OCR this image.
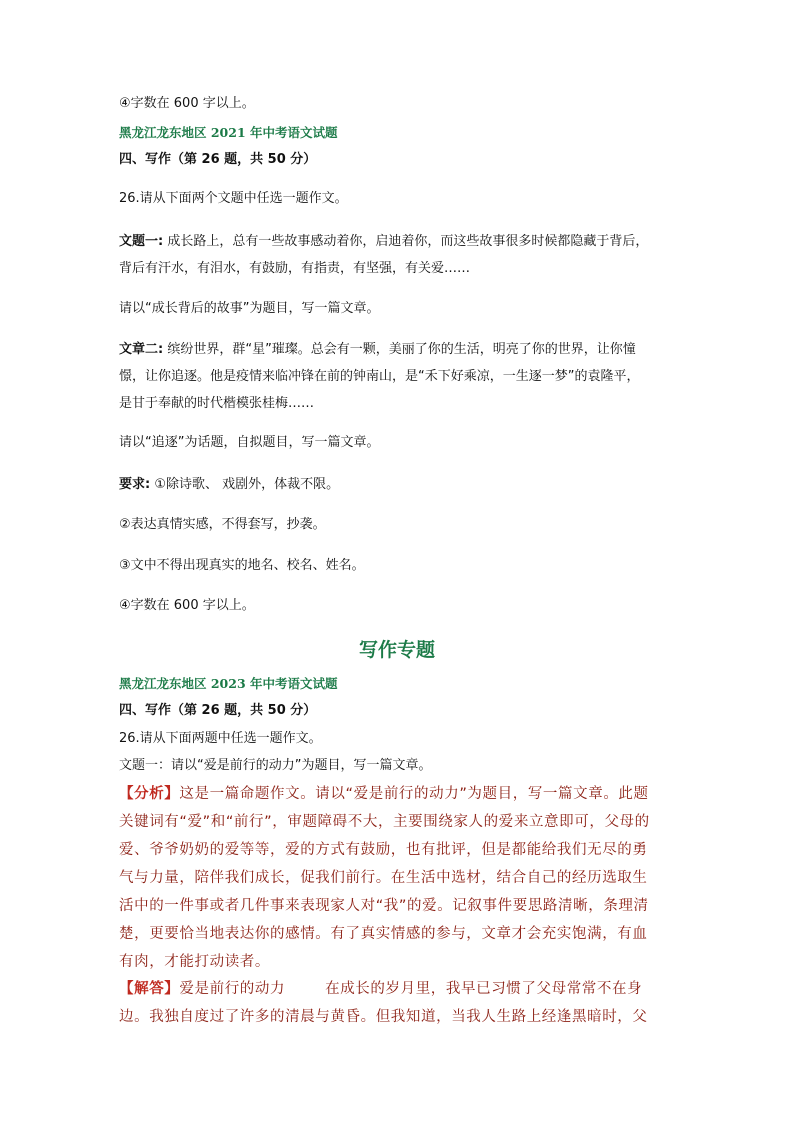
④字数在 600 字以上。
黑龙江龙东地区 2021 年中考语文试题
四、写作（第 26 题，共 50 分）
26.请从下面两个文题中任选一题作文。
文题一: 成长路上，总有一些故事感动着你，启迪着你，而这些故事很多时候都隐藏于背后，
背后有汗水，有泪水，有鼓励，有指责，有坚强，有关爱……
请以“成长背后的故事”为题目，写一篇文章。
文章二: 缤纷世界，群“星”璀璨。总会有一颗，美丽了你的生活，明亮了你的世界，让你憧
憬，让你追逐。他是疫情来临冲锋在前的钟南山，是“禾下好乘凉，一生逐一梦”的袁隆平，
是甘于奉献的时代楷模张桂梅……
请以“追逐”为话题，自拟题目，写一篇文章。
要求: ①除诗歌、 戏剧外，体裁不限。
②表达真情实感，不得套写，抄袭。
③文中不得出现真实的地名、校名、姓名。
④字数在 600 字以上。
写作专题
黑龙江龙东地区 2023 年中考语文试题
四、写作（第 26 题，共 50 分）
26.请从下面两题中任选一题作文。
文题一：请以“爱是前行的动力”为题目，写一篇文章。
【分析】这是一篇命题作文。请以“爱是前行的动力”为题目，写一篇文章。此题
关键词有“爱”和“前行”，审题障碍不大，主要围绕家人的爱来立意即可，父母的
爱、爷爷奶奶的爱等等，爱的方式有鼓励，也有批评，但是都能给我们无尽的勇
气与力量，陪伴我们成长，促我们前行。在生活中选材，结合自己的经历选取生
活中的一件事或者几件事来表现家人对“我”的爱。记叙事件要思路清晰，条理清
楚，更要恰当地表达你的感情。有了真实情感的参与，文章才会充实饱满，有血
有肉，才能打动读者。
【解答】爱是前行的动力	在成长的岁月里，我早已习惯了父母常常不在身
边。我独自度过了许多的清晨与黄昏。但我知道，当我人生路上经逢黑暗时，父
